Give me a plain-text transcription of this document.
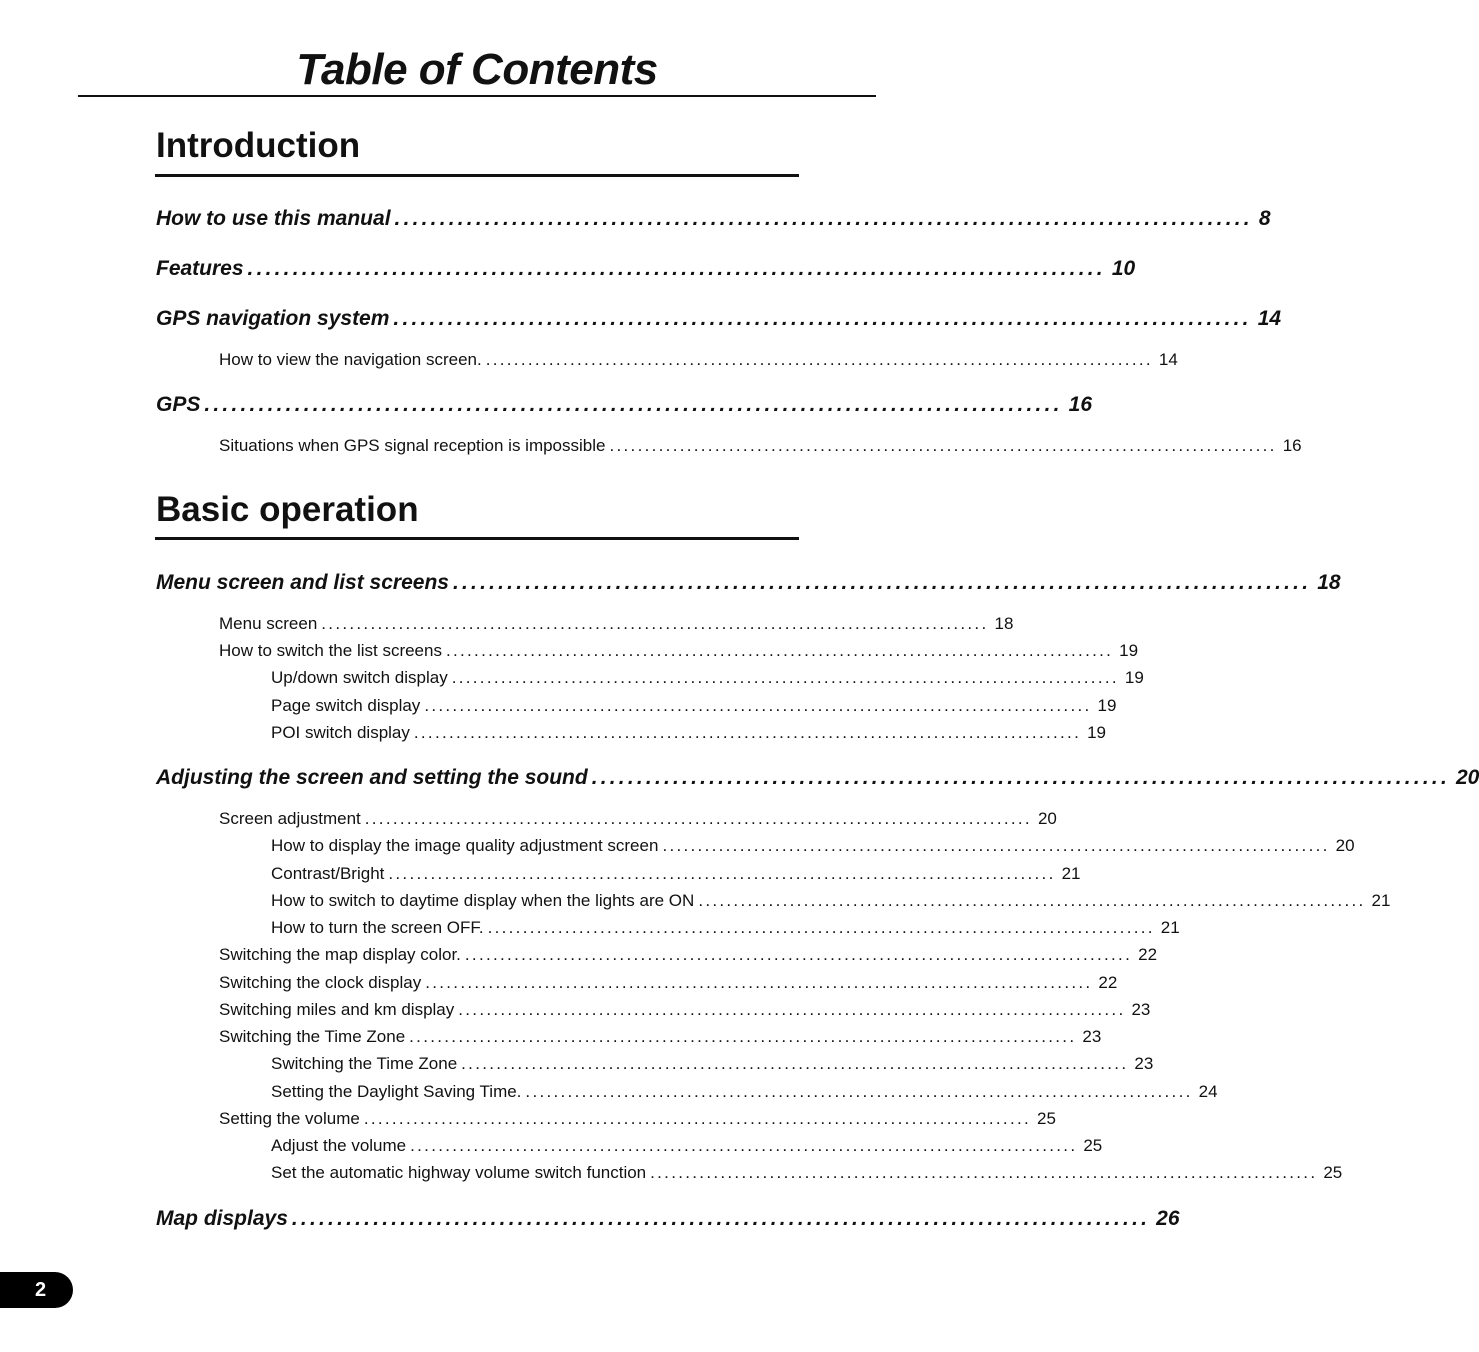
Table of Contents
Introduction
How to use this manual ............................................................................................... 8
Features ............................................................................................... 10
GPS navigation system ............................................................................................... 14
How to view the navigation screen. ............................................................................................... 14
GPS ............................................................................................... 16
Situations when GPS signal reception is impossible ............................................................................................... 16
Basic operation
Menu screen and list screens ............................................................................................... 18
Menu screen ............................................................................................... 18
How to switch the list screens ............................................................................................... 19
Up/down switch display ............................................................................................... 19
Page switch display ............................................................................................... 19
POI switch display ............................................................................................... 19
Adjusting the screen and setting the sound ............................................................................................... 20
Screen adjustment ............................................................................................... 20
How to display the image quality adjustment screen ............................................................................................... 20
Contrast/Bright ............................................................................................... 21
How to switch to daytime display when the lights are ON ............................................................................................... 21
How to turn the screen OFF. ............................................................................................... 21
Switching the map display color. ............................................................................................... 22
Switching the clock display ............................................................................................... 22
Switching miles and km display ............................................................................................... 23
Switching the Time Zone ............................................................................................... 23
Switching the Time Zone ............................................................................................... 23
Setting the Daylight Saving Time. ............................................................................................... 24
Setting the volume ............................................................................................... 25
Adjust the volume ............................................................................................... 25
Set the automatic highway volume switch function ............................................................................................... 25
Map displays ............................................................................................... 26
2
